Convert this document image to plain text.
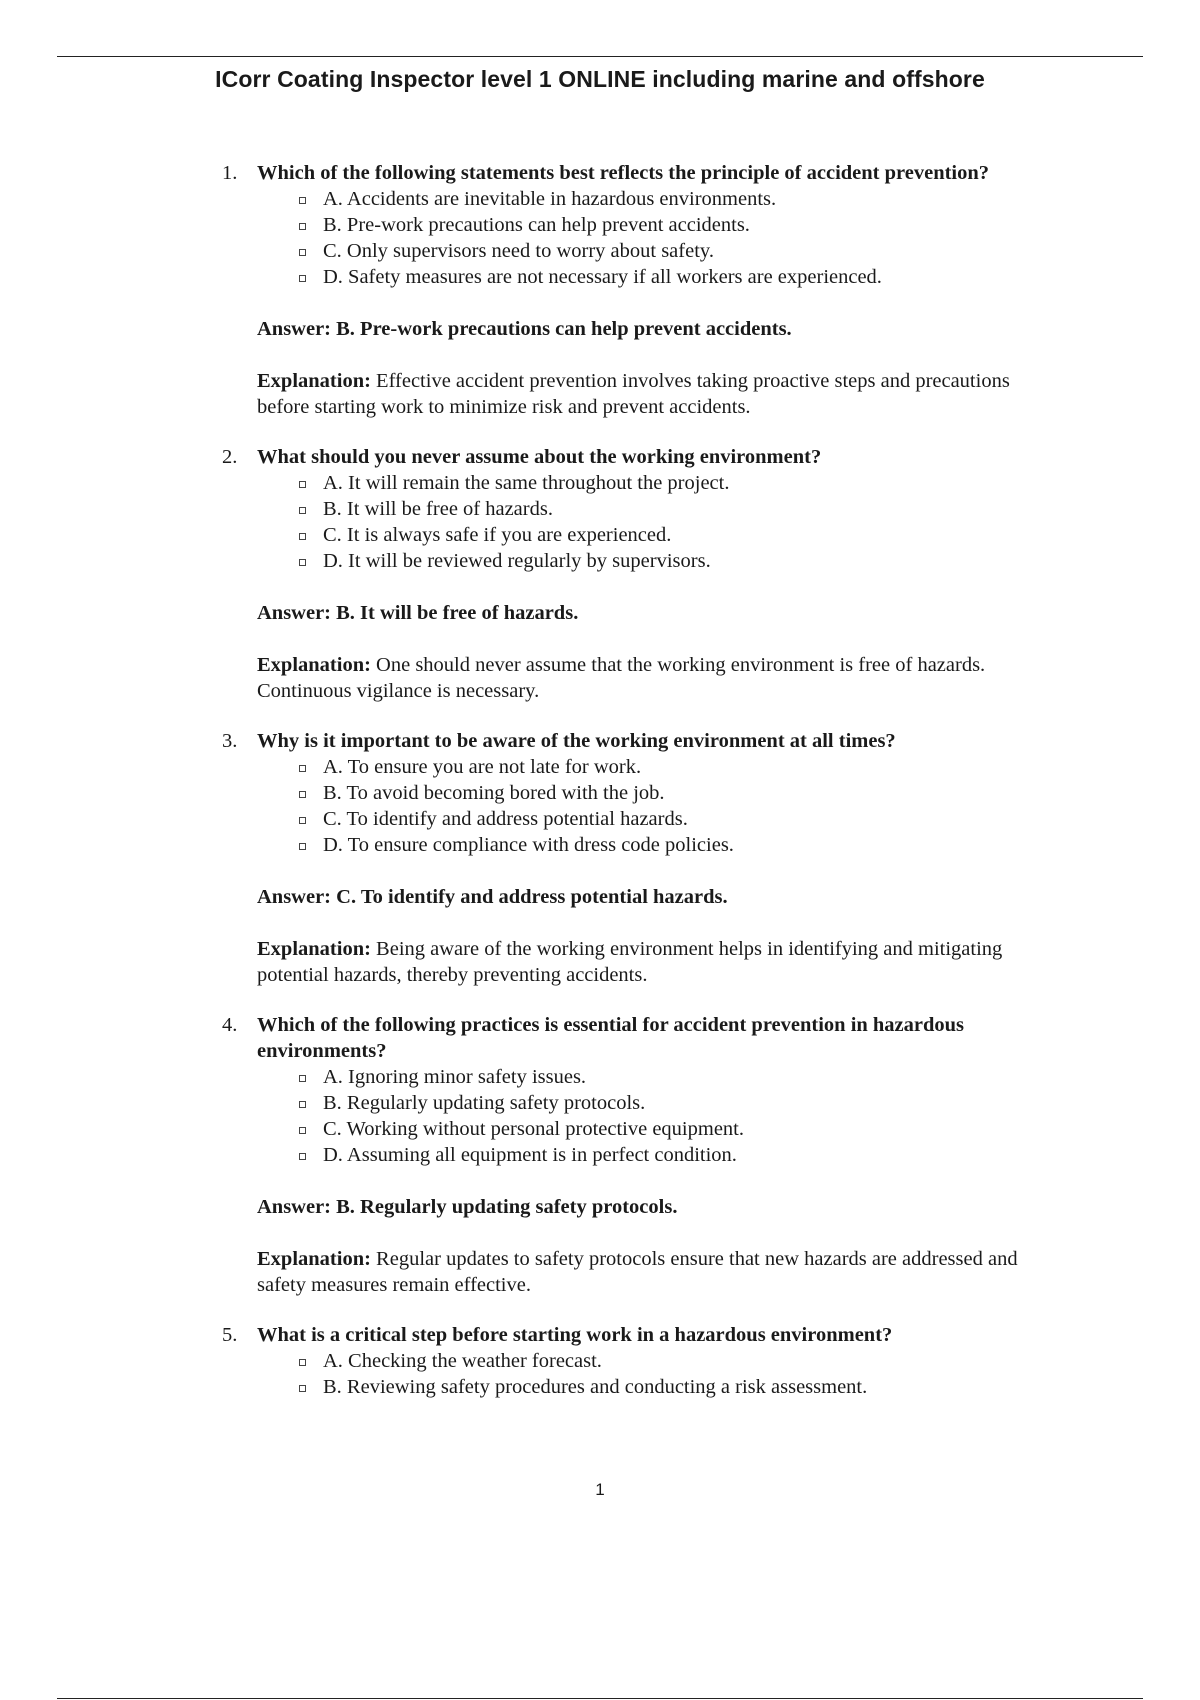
ICorr Coating Inspector level 1 ONLINE including marine and offshore
1. Which of the following statements best reflects the principle of accident prevention?
A. Accidents are inevitable in hazardous environments.
B. Pre-work precautions can help prevent accidents.
C. Only supervisors need to worry about safety.
D. Safety measures are not necessary if all workers are experienced.
Answer: B. Pre-work precautions can help prevent accidents.
Explanation: Effective accident prevention involves taking proactive steps and precautions before starting work to minimize risk and prevent accidents.
2. What should you never assume about the working environment?
A. It will remain the same throughout the project.
B. It will be free of hazards.
C. It is always safe if you are experienced.
D. It will be reviewed regularly by supervisors.
Answer: B. It will be free of hazards.
Explanation: One should never assume that the working environment is free of hazards. Continuous vigilance is necessary.
3. Why is it important to be aware of the working environment at all times?
A. To ensure you are not late for work.
B. To avoid becoming bored with the job.
C. To identify and address potential hazards.
D. To ensure compliance with dress code policies.
Answer: C. To identify and address potential hazards.
Explanation: Being aware of the working environment helps in identifying and mitigating potential hazards, thereby preventing accidents.
4. Which of the following practices is essential for accident prevention in hazardous environments?
A. Ignoring minor safety issues.
B. Regularly updating safety protocols.
C. Working without personal protective equipment.
D. Assuming all equipment is in perfect condition.
Answer: B. Regularly updating safety protocols.
Explanation: Regular updates to safety protocols ensure that new hazards are addressed and safety measures remain effective.
5. What is a critical step before starting work in a hazardous environment?
A. Checking the weather forecast.
B. Reviewing safety procedures and conducting a risk assessment.
1
